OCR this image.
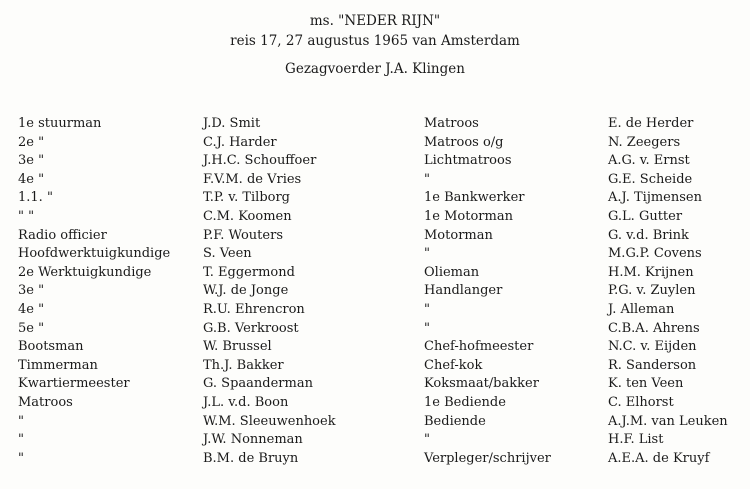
ms. "NEDER RIJN"
reis 17, 27 augustus 1965 van Amsterdam
Gezagvoerder J.A. Klingen
1e stuurman	J.D. Smit	Matroos	E. de Herder
2e "	C.J. Harder	Matroos o/g	N. Zeegers
3e "	J.H.C. Schouffoer	Lichtmatroos	A.G. v. Ernst
4e "	F.V.M. de Vries	"	G.E. Scheide
1.1. "	T.P. v. Tilborg	1e Bankwerker	A.J. Tijmensen
" "	C.M. Koomen	1e Motorman	G.L. Gutter
Radio officier	P.F. Wouters	Motorman	G. v.d. Brink
Hoofdwerktuigkundige	S. Veen	"	M.G.P. Covens
2e Werktuigkundige	T. Eggermond	Olieman	H.M. Krijnen
3e "	W.J. de Jonge	Handlanger	P.G. v. Zuylen
4e "	R.U. Ehrencron	"	J. Alleman
5e "	G.B. Verkroost	"	C.B.A. Ahrens
Bootsman	W. Brussel	Chef-hofmeester	N.C. v. Eijden
Timmerman	Th.J. Bakker	Chef-kok	R. Sanderson
Kwartiermeester	G. Spaanderman	Koksmaat/bakker	K. ten Veen
Matroos	J.L. v.d. Boon	1e Bediende	C. Elhorst
"	W.M. Sleeuwenhoek	Bediende	A.J.M. van Leuken
"	J.W. Nonneman	"	H.F. List
"	B.M. de Bruyn	Verpleger/schrijver	A.E.A. de Kruyf
